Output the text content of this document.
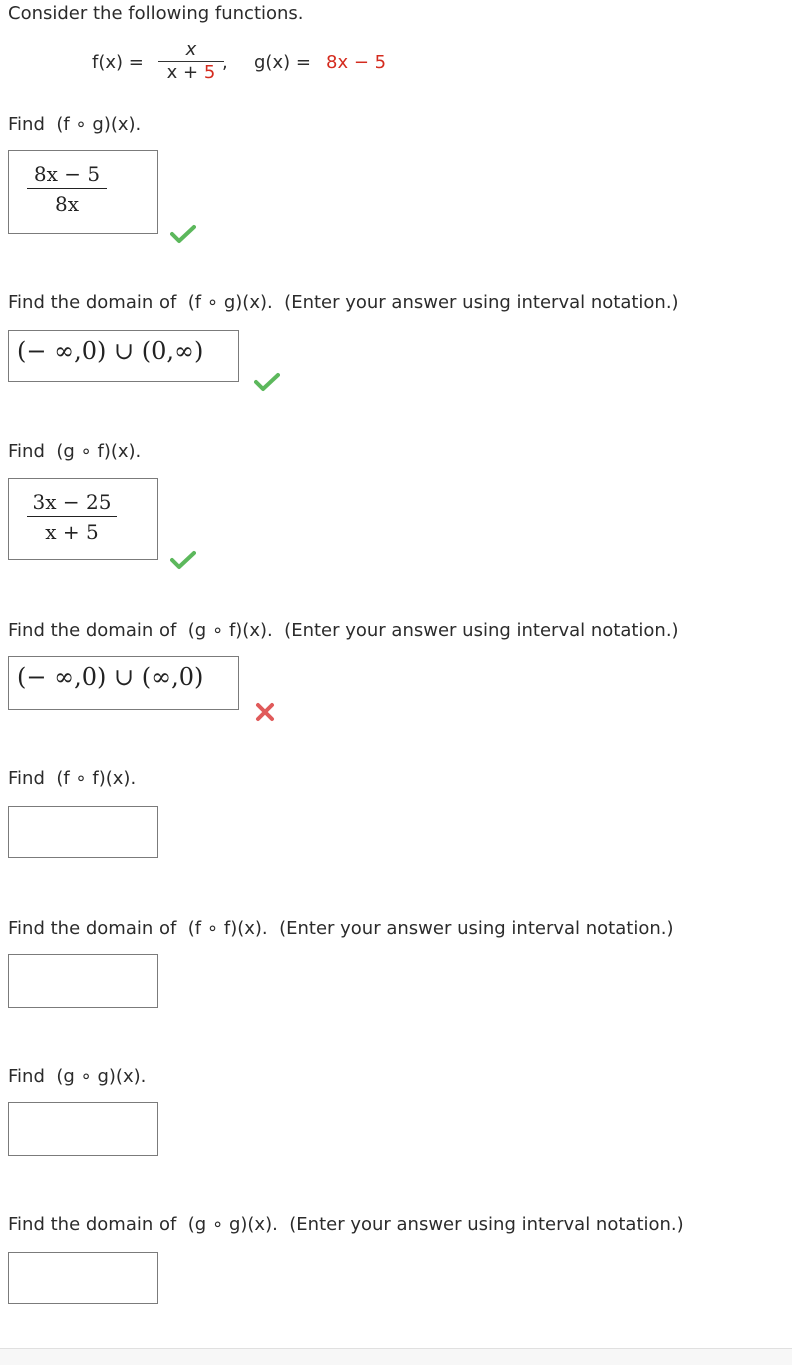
Consider the following functions.
f(x) =
x
x + 5 , g(x) = 8x − 5
Find  (f ∘ g)(x).
8x − 5
8x
Find the domain of  (f ∘ g)(x).  (Enter your answer using interval notation.)
(− ∞,0) ∪ (0,∞)
Find  (g ∘ f)(x).
3x − 25
x + 5
Find the domain of  (g ∘ f)(x).  (Enter your answer using interval notation.)
(− ∞,0) ∪ (∞,0)
Find  (f ∘ f)(x).
Find the domain of  (f ∘ f)(x).  (Enter your answer using interval notation.)
Find  (g ∘ g)(x).
Find the domain of  (g ∘ g)(x).  (Enter your answer using interval notation.)
